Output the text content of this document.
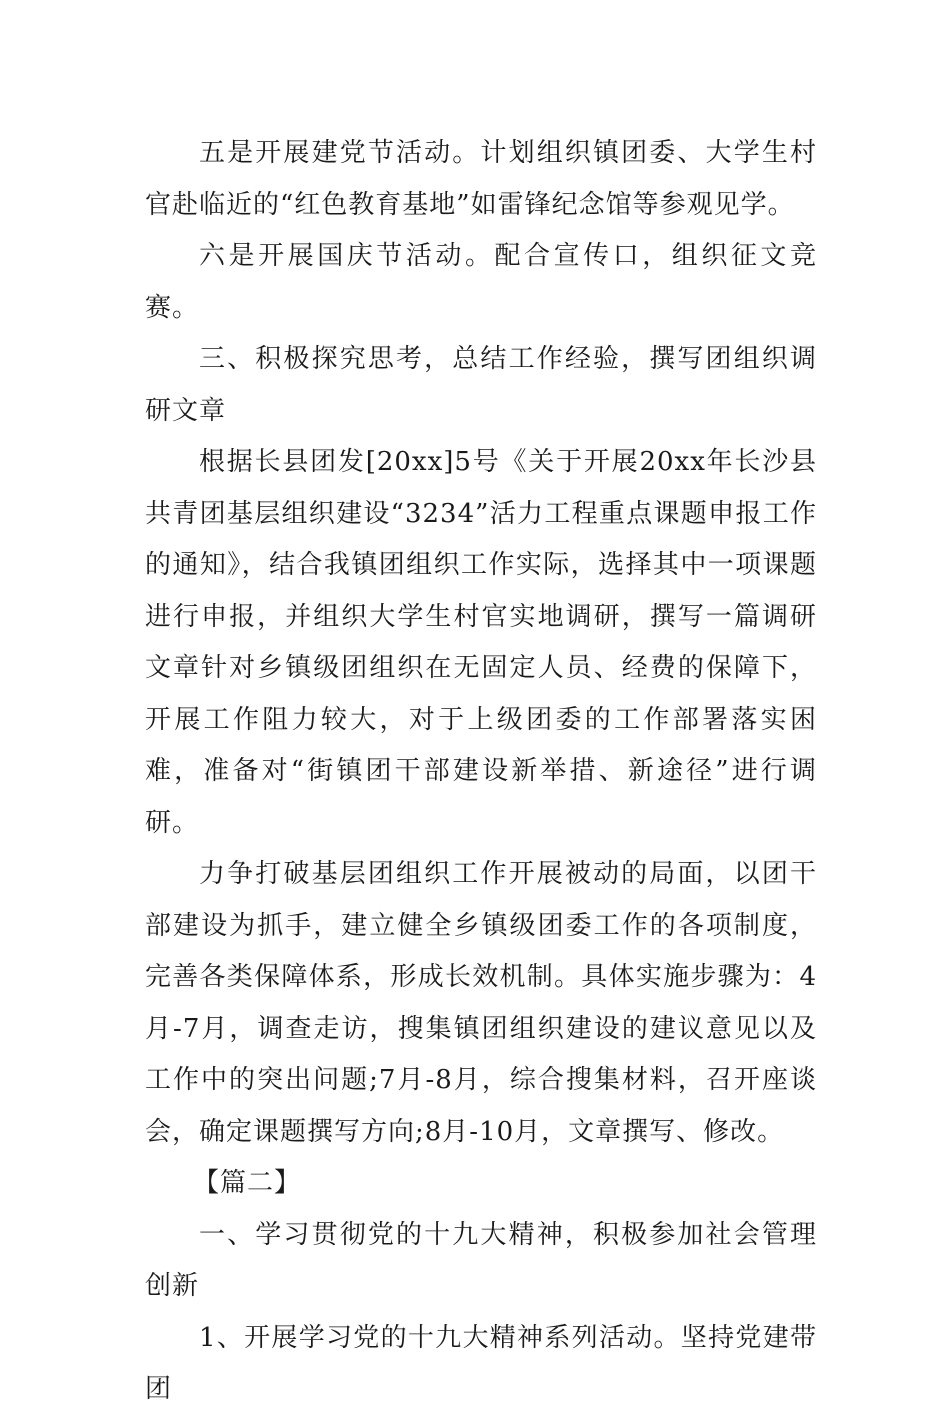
五是开展建党节活动。计划组织镇团委、大学生村官赴临近的“红色教育基地”如雷锋纪念馆等参观见学。

六是开展国庆节活动。配合宣传口，组织征文竞赛。

三、积极探究思考，总结工作经验，撰写团组织调研文章

根据长县团发[20xx]5号《关于开展20xx年长沙县共青团基层组织建设“3234”活力工程重点课题申报工作的通知》，结合我镇团组织工作实际，选择其中一项课题进行申报，并组织大学生村官实地调研，撰写一篇调研文章针对乡镇级团组织在无固定人员、经费的保障下，开展工作阻力较大，对于上级团委的工作部署落实困难，准备对“街镇团干部建设新举措、新途径”进行调研。

力争打破基层团组织工作开展被动的局面，以团干部建设为抓手，建立健全乡镇级团委工作的各项制度，完善各类保障体系，形成长效机制。具体实施步骤为：4月-7月，调查走访，搜集镇团组织建设的建议意见以及工作中的突出问题;7月-8月，综合搜集材料，召开座谈会，确定课题撰写方向;8月-10月，文章撰写、修改。

【篇二】

一、学习贯彻党的十九大精神，积极参加社会管理创新

1、开展学习党的十九大精神系列活动。坚持党建带团
